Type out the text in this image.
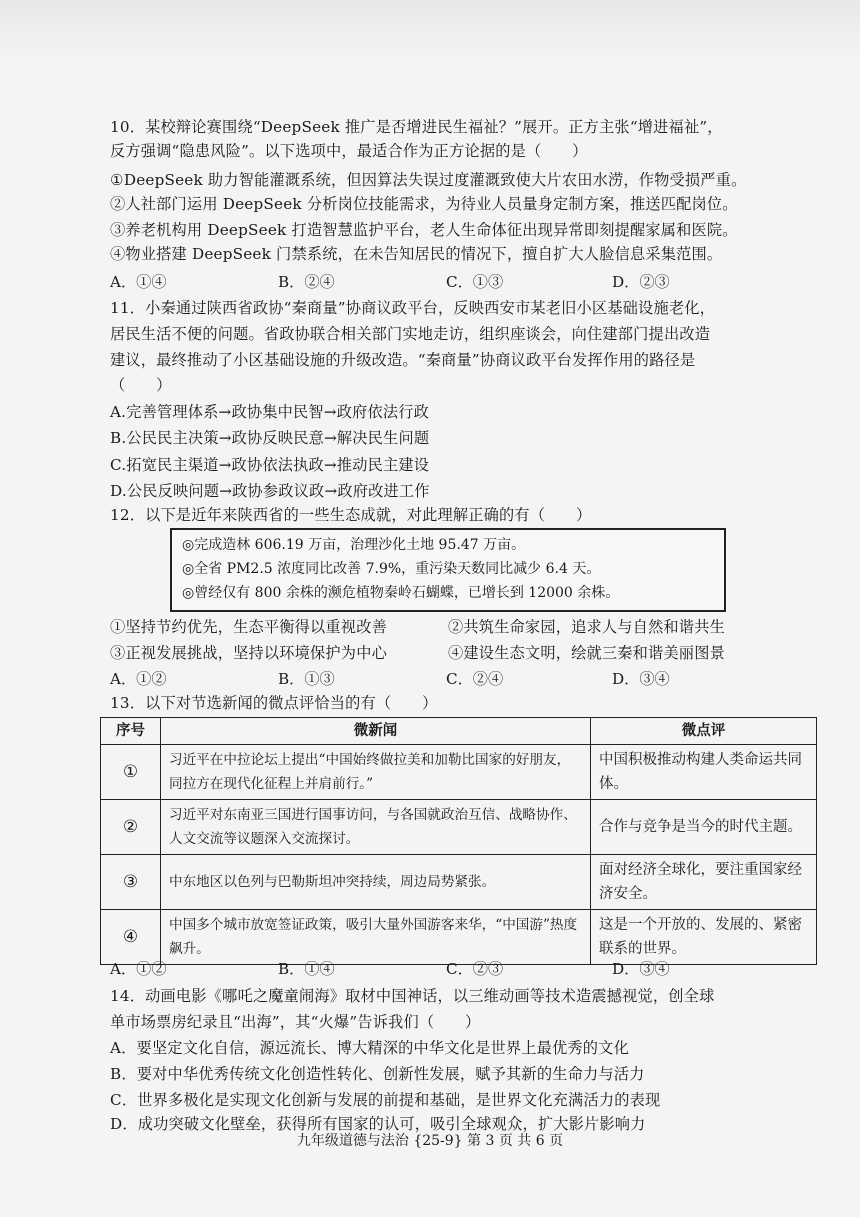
10．某校辩论赛围绕“DeepSeek 推广是否增进民生福祉？”展开。正方主张“增进福祉”，
反方强调“隐患风险”。以下选项中，最适合作为正方论据的是（　　）
①DeepSeek 助力智能灌溉系统，但因算法失误过度灌溉致使大片农田水涝，作物受损严重。
②人社部门运用 DeepSeek 分析岗位技能需求，为待业人员量身定制方案，推送匹配岗位。
③养老机构用 DeepSeek 打造智慧监护平台，老人生命体征出现异常即刻提醒家属和医院。
④物业搭建 DeepSeek 门禁系统，在未告知居民的情况下，擅自扩大人脸信息采集范围。
A．①④	B．②④	C．①③	D．②③
11．小秦通过陕西省政协“秦商量”协商议政平台，反映西安市某老旧小区基础设施老化，
居民生活不便的问题。省政协联合相关部门实地走访，组织座谈会，向住建部门提出改造
建议，最终推动了小区基础设施的升级改造。“秦商量”协商议政平台发挥作用的路径是
（　　）
A.完善管理体系→政协集中民智→政府依法行政
B.公民民主决策→政协反映民意→解决民生问题
C.拓宽民主渠道→政协依法执政→推动民主建设
D.公民反映问题→政协参政议政→政府改进工作
12．以下是近年来陕西省的一些生态成就，对此理解正确的有（　　）
◎完成造林 606.19 万亩，治理沙化土地 95.47 万亩。
◎全省 PM2.5 浓度同比改善 7.9%，重污染天数同比减少 6.4 天。
◎曾经仅有 800 余株的濒危植物秦岭石蝴蝶，已增长到 12000 余株。
①坚持节约优先，生态平衡得以重视改善	②共筑生命家园，追求人与自然和谐共生
③正视发展挑战，坚持以环境保护为中心	④建设生态文明，绘就三秦和谐美丽图景
A．①②	B．①③	C．②④	D．③④
13．以下对节选新闻的微点评恰当的有（　　）
序号	微新闻	微点评
①	习近平在中拉论坛上提出“中国始终做拉美和加勒比国家的好朋友，同拉方在现代化征程上并肩前行。”	中国积极推动构建人类命运共同体。
②	习近平对东南亚三国进行国事访问，与各国就政治互信、战略协作、人文交流等议题深入交流探讨。	合作与竞争是当今的时代主题。
③	中东地区以色列与巴勒斯坦冲突持续，周边局势紧张。	面对经济全球化，要注重国家经济安全。
④	中国多个城市放宽签证政策，吸引大量外国游客来华，“中国游”热度飙升。	这是一个开放的、发展的、紧密联系的世界。
A．①②	B．①④	C．②③	D．③④
14．动画电影《哪吒之魔童闹海》取材中国神话，以三维动画等技术造震撼视觉，创全球
单市场票房纪录且“出海”，其“火爆”告诉我们（　　）
A．要坚定文化自信，源远流长、博大精深的中华文化是世界上最优秀的文化
B．要对中华优秀传统文化创造性转化、创新性发展，赋予其新的生命力与活力
C．世界多极化是实现文化创新与发展的前提和基础，是世界文化充满活力的表现
D．成功突破文化壁垒，获得所有国家的认可，吸引全球观众，扩大影片影响力
九年级道德与法治 {25-9} 第 3 页 共 6 页
